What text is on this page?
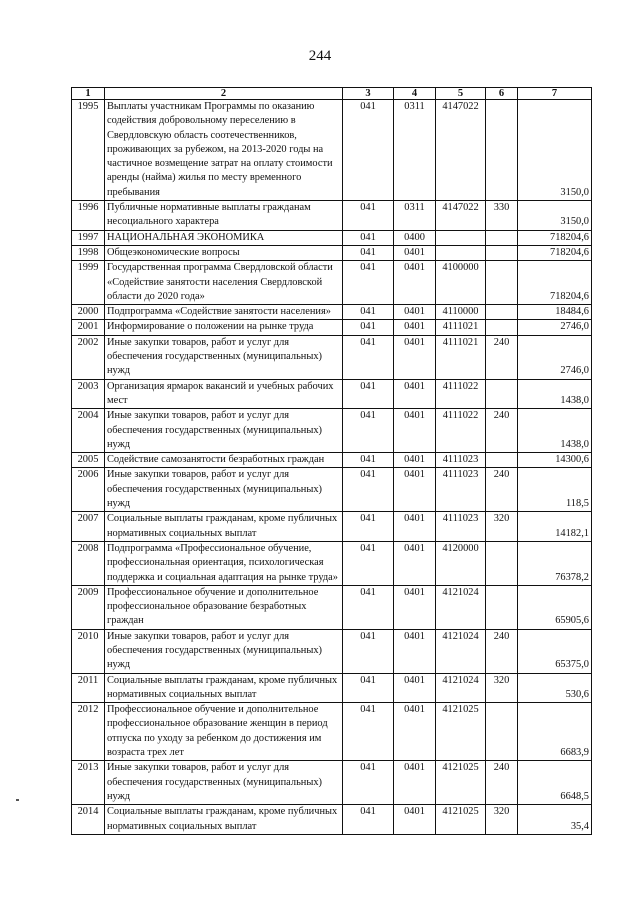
244
1	2	3	4	5	6	7
1995	Выплаты участникам Программы по оказанию содействия добровольному переселению в Свердловскую область соотечественников, проживающих за рубежом, на 2013-2020 годы на частичное возмещение затрат на оплату стоимости аренды (найма) жилья по месту временного пребывания	041	0311	4147022		3150,0
1996	Публичные нормативные выплаты гражданам несоциального характера	041	0311	4147022	330	3150,0
1997	НАЦИОНАЛЬНАЯ ЭКОНОМИКА	041	0400			718204,6
1998	Общеэкономические вопросы	041	0401			718204,6
1999	Государственная программа Свердловской области «Содействие занятости населения Свердловской области до 2020 года»	041	0401	4100000		718204,6
2000	Подпрограмма «Содействие занятости населения»	041	0401	4110000		18484,6
2001	Информирование о положении на рынке труда	041	0401	4111021		2746,0
2002	Иные закупки товаров, работ и услуг для обеспечения государственных (муниципальных) нужд	041	0401	4111021	240	2746,0
2003	Организация ярмарок вакансий и учебных рабочих мест	041	0401	4111022		1438,0
2004	Иные закупки товаров, работ и услуг для обеспечения государственных (муниципальных) нужд	041	0401	4111022	240	1438,0
2005	Содействие самозанятости безработных граждан	041	0401	4111023		14300,6
2006	Иные закупки товаров, работ и услуг для обеспечения государственных (муниципальных) нужд	041	0401	4111023	240	118,5
2007	Социальные выплаты гражданам, кроме публичных нормативных социальных выплат	041	0401	4111023	320	14182,1
2008	Подпрограмма «Профессиональное обучение, профессиональная ориентация, психологическая поддержка и социальная адаптация на рынке труда»	041	0401	4120000		76378,2
2009	Профессиональное обучение и дополнительное профессиональное образование безработных граждан	041	0401	4121024		65905,6
2010	Иные закупки товаров, работ и услуг для обеспечения государственных (муниципальных) нужд	041	0401	4121024	240	65375,0
2011	Социальные выплаты гражданам, кроме публичных нормативных социальных выплат	041	0401	4121024	320	530,6
2012	Профессиональное обучение и дополнительное профессиональное образование женщин в период отпуска по уходу за ребенком до достижения им возраста трех лет	041	0401	4121025		6683,9
2013	Иные закупки товаров, работ и услуг для обеспечения государственных (муниципальных) нужд	041	0401	4121025	240	6648,5
2014	Социальные выплаты гражданам, кроме публичных нормативных социальных выплат	041	0401	4121025	320	35,4
